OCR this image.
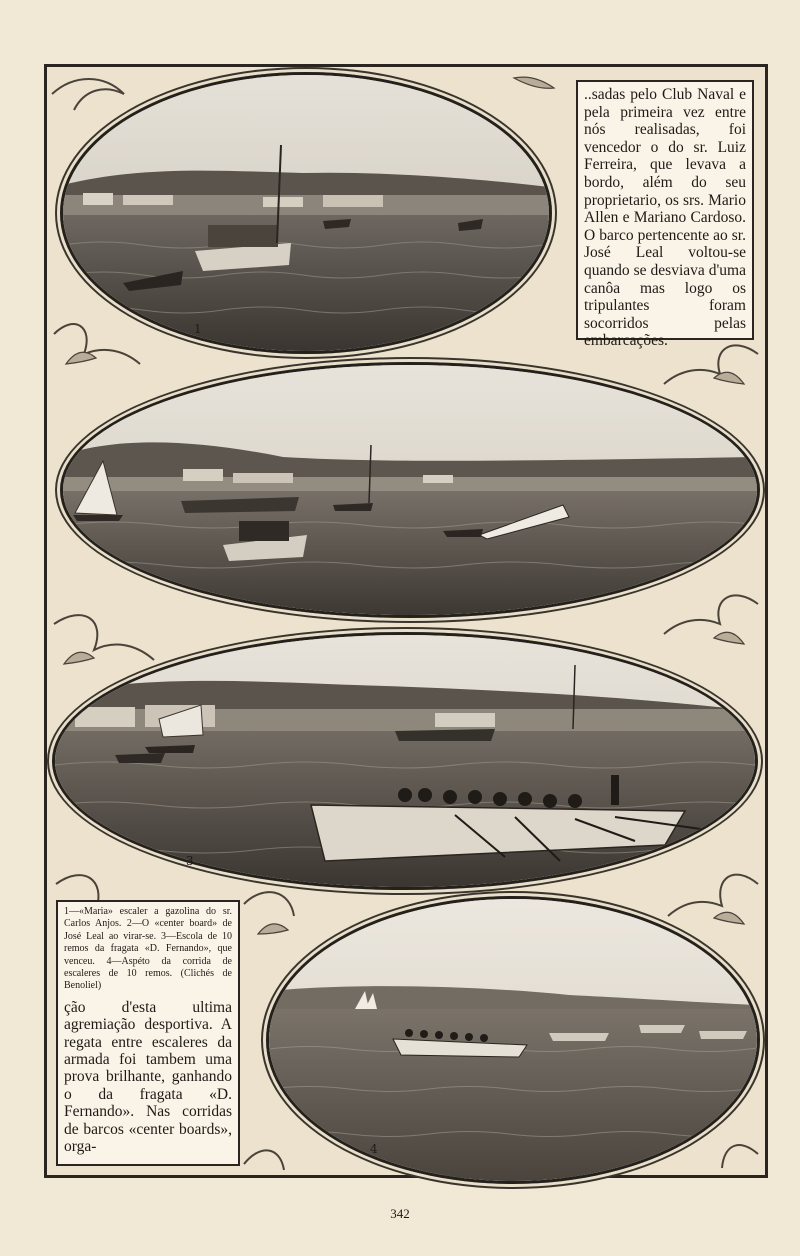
1
3
4

..sadas pelo Club Naval e pela primeira vez entre nós realisadas, foi vencedor o do sr. Luiz Ferreira, que levava a bordo, além do seu proprietario, os srs. Mario Allen e Mariano Cardoso. O barco pertencente ao sr. José Leal voltou-se quando se desviava d'uma canôa mas logo os tripulantes foram socorridos pelas embarcações.

1—«Maria» escaler a gazolina do sr. Carlos Anjos. 2—O «center board» de José Leal ao virar-se. 3—Escola de 10 remos da fragata «D. Fernando», que venceu. 4—Aspéto da corrida de escaleres de 10 remos. (Clichés de Benoliel)

ção d'esta ultima agremiação desportiva. A regata entre escaleres da armada foi tambem uma prova brilhante, ganhando o da fragata «D. Fernando». Nas corridas de barcos «center boards», orga-

342
